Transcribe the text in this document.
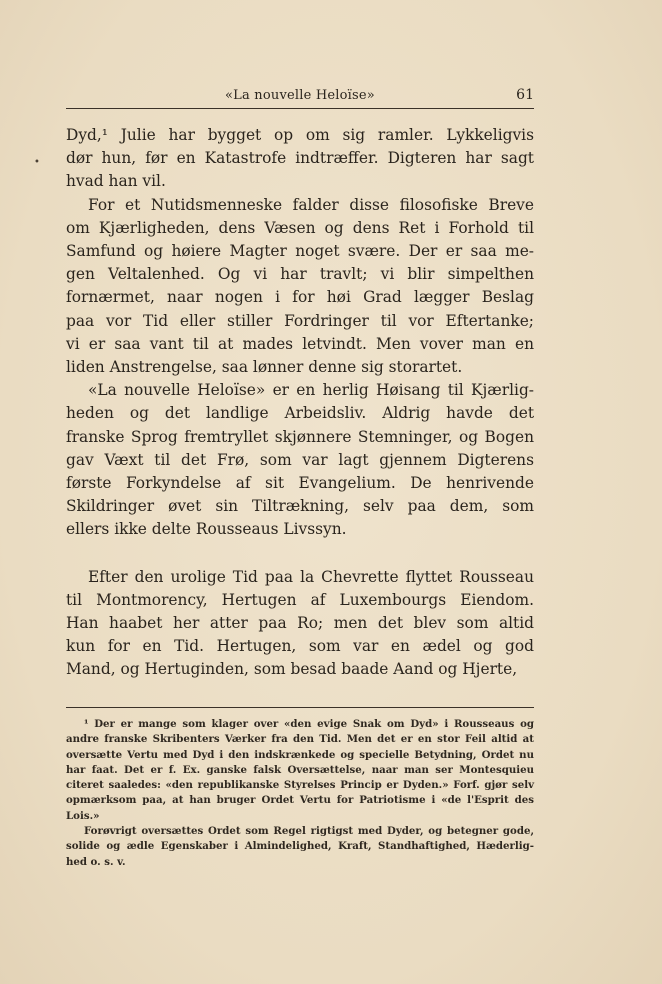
«La nouvelle Heloïse»	61
•
Dyd,¹ Julie har bygget op om sig ramler. Lykkeligvis
dør hun, før en Katastrofe indtræffer. Digteren har sagt
hvad han vil.
For et Nutidsmenneske falder disse filosofiske Breve
om Kjærligheden, dens Væsen og dens Ret i Forhold til
Samfund og høiere Magter noget svære. Der er saa me-
gen Veltalenhed. Og vi har travlt; vi blir simpelthen
fornærmet, naar nogen i for høi Grad lægger Beslag
paa vor Tid eller stiller Fordringer til vor Eftertanke;
vi er saa vant til at mades letvindt. Men vover man en
liden Anstrengelse, saa lønner denne sig storartet.
«La nouvelle Heloïse» er en herlig Høisang til Kjærlig-
heden og det landlige Arbeidsliv. Aldrig havde det
franske Sprog fremtryllet skjønnere Stemninger, og Bogen
gav Væxt til det Frø, som var lagt gjennem Digterens
første Forkyndelse af sit Evangelium. De henrivende
Skildringer øvet sin Tiltrækning, selv paa dem, som
ellers ikke delte Rousseaus Livssyn.
Efter den urolige Tid paa la Chevrette flyttet Rousseau
til Montmorency, Hertugen af Luxembourgs Eiendom.
Han haabet her atter paa Ro; men det blev som altid
kun for en Tid. Hertugen, som var en ædel og god
Mand, og Hertuginden, som besad baade Aand og Hjerte,
¹ Der er mange som klager over «den evige Snak om Dyd» i Rousseaus og
andre franske Skribenters Værker fra den Tid. Men det er en stor Feil altid at
oversætte Vertu med Dyd i den indskrænkede og specielle Betydning, Ordet nu
har faat. Det er f. Ex. ganske falsk Oversættelse, naar man ser Montesquieu
citeret saaledes: «den republikanske Styrelses Princip er Dyden.» Forf. gjør selv
opmærksom paa, at han bruger Ordet Vertu for Patriotisme i «de l'Esprit des
Lois.»
Forøvrigt oversættes Ordet som Regel rigtigst med Dyder, og betegner gode,
solide og ædle Egenskaber i Almindelighed, Kraft, Standhaftighed, Hæderlig-
hed o. s. v.
